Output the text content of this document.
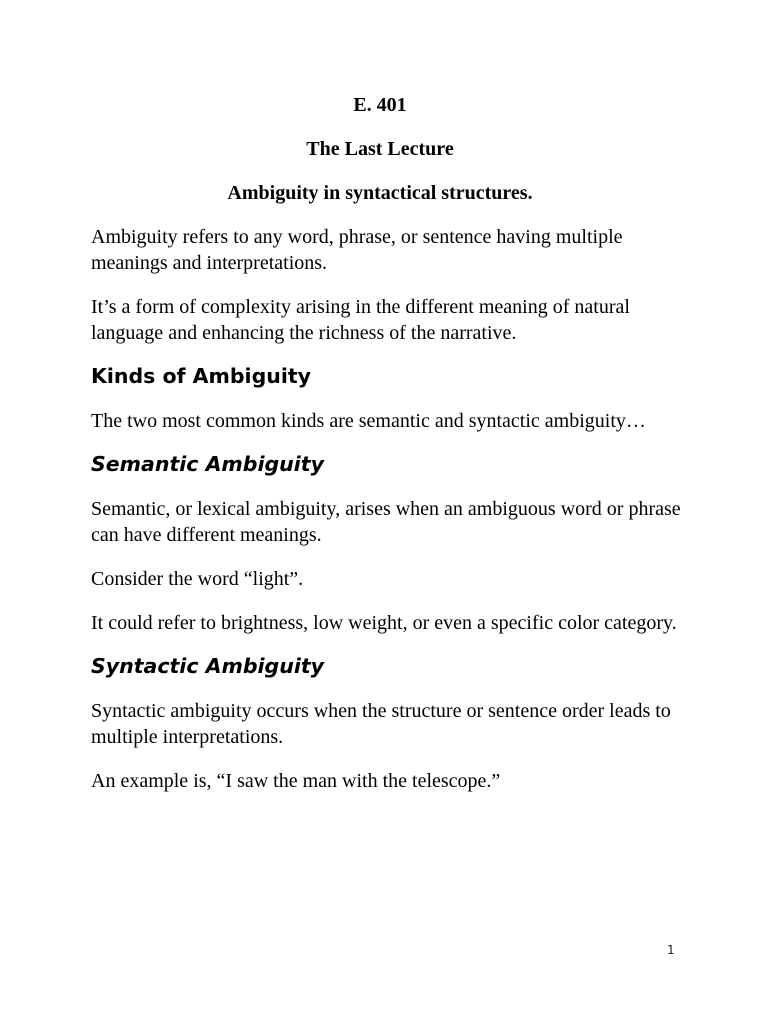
E. 401

The Last Lecture

Ambiguity in syntactical structures.

Ambiguity refers to any word, phrase, or sentence having multiple meanings and interpretations.

It’s a form of complexity arising in the different meaning of natural language and enhancing the richness of the narrative.

Kinds of Ambiguity

The two most common kinds are semantic and syntactic ambiguity…

Semantic Ambiguity

Semantic, or lexical ambiguity, arises when an ambiguous word or phrase can have different meanings.

Consider the word “light”.

It could refer to brightness, low weight, or even a specific color category.

Syntactic Ambiguity

Syntactic ambiguity occurs when the structure or sentence order leads to multiple interpretations.

An example is, “I saw the man with the telescope.”

1
